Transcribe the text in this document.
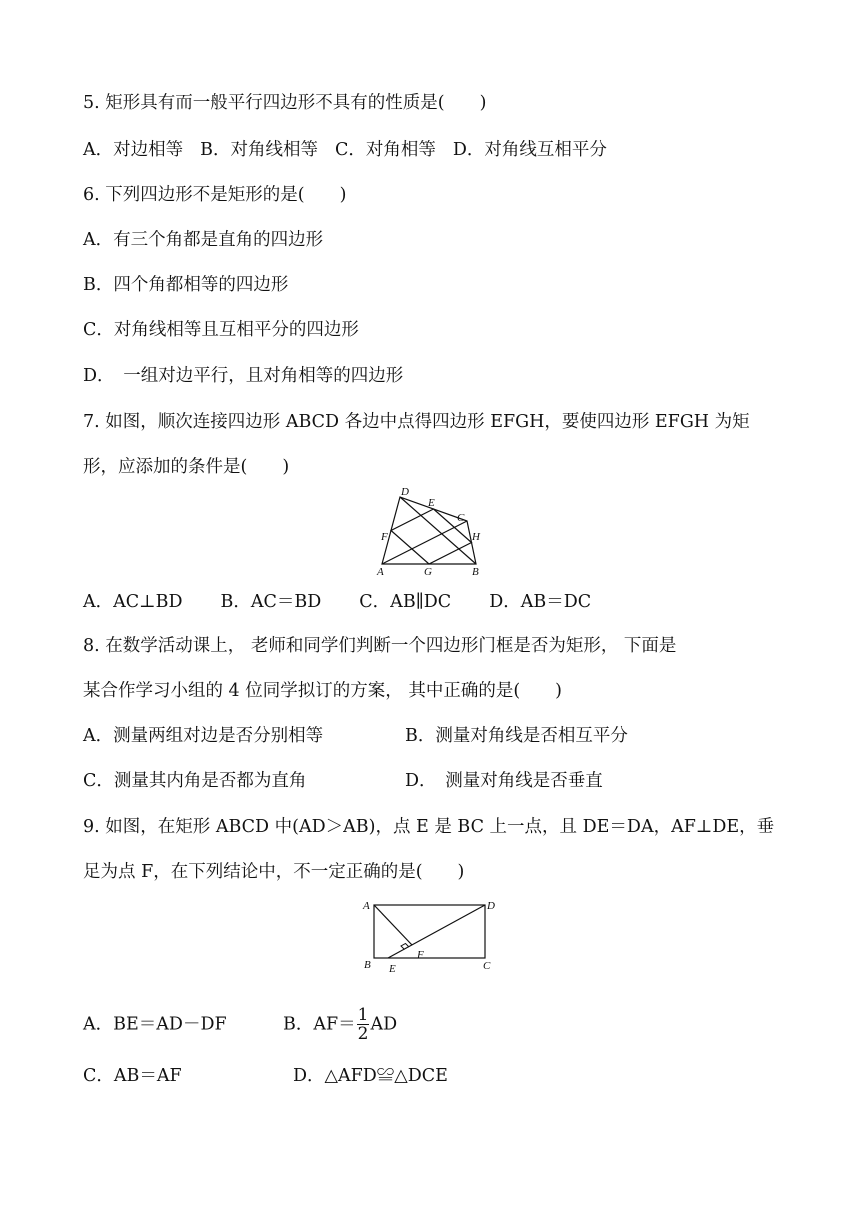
5. 矩形具有而一般平行四边形不具有的性质是(　　)
A．对边相等 B．对角线相等 C．对角相等 D．对角线互相平分
6. 下列四边形不是矩形的是(　　)
A．有三个角都是直角的四边形
B．四个角都相等的四边形
C．对角线相等且互相平分的四边形
D．　一组对边平行，且对角相等的四边形
7. 如图，顺次连接四边形 ABCD 各边中点得四边形 EFGH，要使四边形 EFGH 为矩
形，应添加的条件是(　　)
D
E
C
F	H
A	G	B
A．AC⊥BD B．AC＝BD C．AB∥DC D．AB＝DC
8. 在数学活动课上， 老师和同学们判断一个四边形门框是否为矩形， 下面是
某合作学习小组的 4 位同学拟订的方案， 其中正确的是(　　)
A．测量两组对边是否分别相等	B．测量对角线是否相互平分
C．测量其内角是否都为直角	D．　测量对角线是否垂直
9. 如图，在矩形 ABCD 中(AD＞AB)，点 E 是 BC 上一点，且 DE＝DA，AF⊥DE，垂
足为点 F，在下列结论中，不一定正确的是(　　)
A	D
B E
F
C
A．BE＝AD－DF	B．$AF= \frac{1}{2}$ AD
C．AB＝AF	D．△AFD≌△DCE
